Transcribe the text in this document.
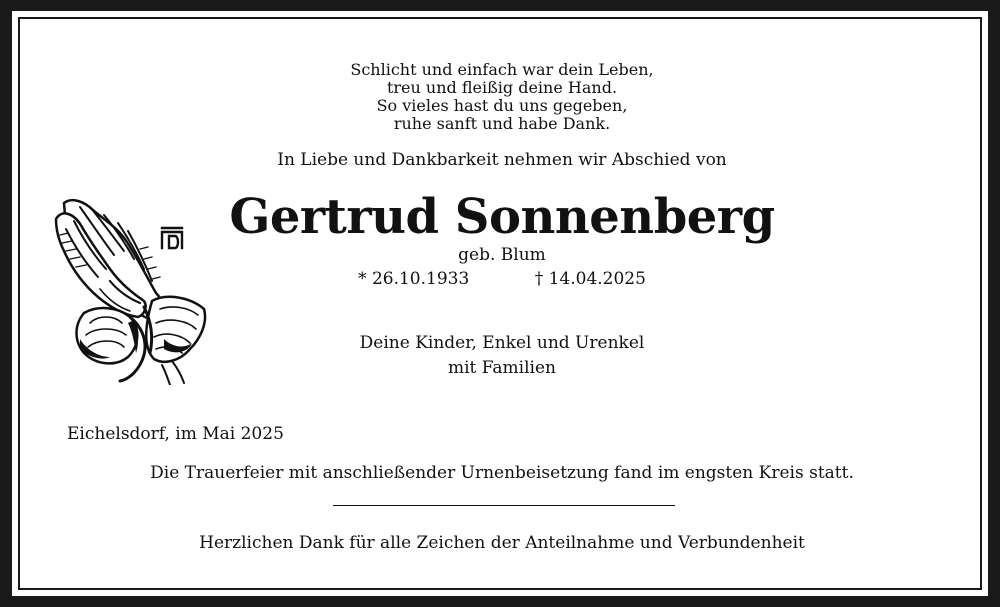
Schlicht und einfach war dein Leben,
treu und fleißig deine Hand.
So vieles hast du uns gegeben,
ruhe sanft und habe Dank.
In Liebe und Dankbarkeit nehmen wir Abschied von
Gertrud Sonnenberg
geb. Blum
* 26.10.1933	† 14.04.2025
Deine Kinder, Enkel und Urenkel
mit Familien
Eichelsdorf, im Mai 2025
Die Trauerfeier mit anschließender Urnenbeisetzung fand im engsten Kreis statt.
Herzlichen Dank für alle Zeichen der Anteilnahme und Verbundenheit
